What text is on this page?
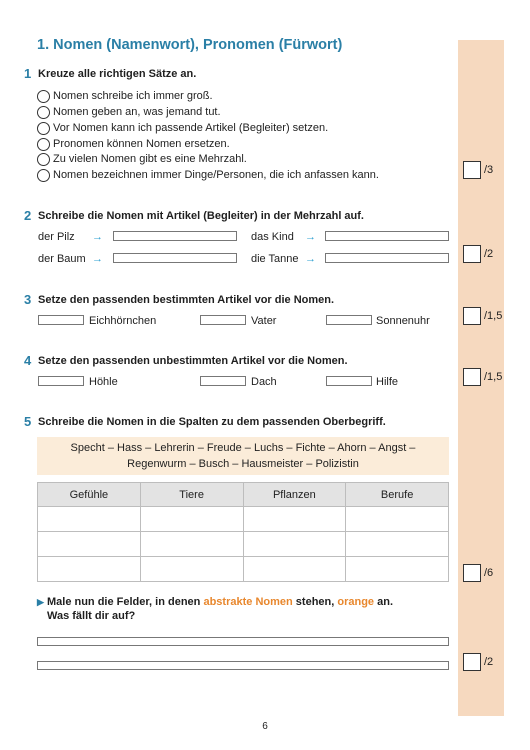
1. Nomen (Namenwort), Pronomen (Fürwort)
1 Kreuze alle richtigen Sätze an.
Nomen schreibe ich immer groß.
Nomen geben an, was jemand tut.
Vor Nomen kann ich passende Artikel (Begleiter) setzen.
Pronomen können Nomen ersetzen.
Zu vielen Nomen gibt es eine Mehrzahl.
Nomen bezeichnen immer Dinge/Personen, die ich anfassen kann.	/3
2 Schreibe die Nomen mit Artikel (Begleiter) in der Mehrzahl auf.
der Pilz →	das Kind →
der Baum →	die Tanne →	/2
3 Setze den passenden bestimmten Artikel vor die Nomen.
Eichhörnchen	Vater	Sonnenuhr	/1,5
4 Setze den passenden unbestimmten Artikel vor die Nomen.
Höhle	Dach	Hilfe	/1,5
5 Schreibe die Nomen in die Spalten zu dem passenden Oberbegriff.
Specht – Hass – Lehrerin – Freude – Luchs – Fichte – Ahorn – Angst –
Regenwurm – Busch – Hausmeister – Polizistin
Gefühle	Tiere	Pflanzen	Berufe

/6
▶ Male nun die Felder, in denen abstrakte Nomen stehen, orange an.
Was fällt dir auf?
/2
6
